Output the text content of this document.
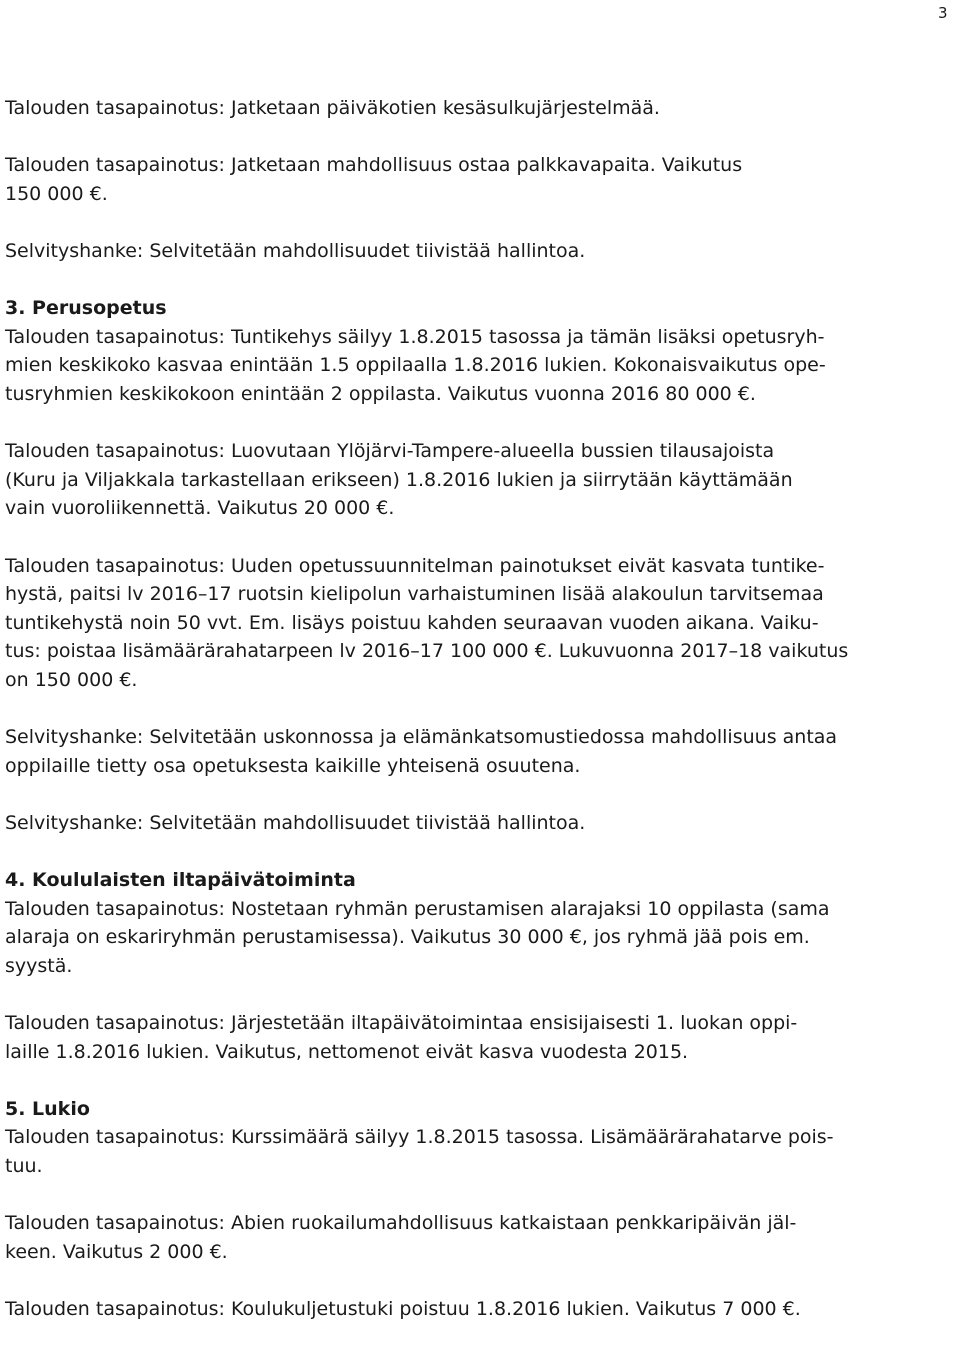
3
Talouden tasapainotus: Jatketaan päiväkotien kesäsulkujärjestelmää.
Talouden tasapainotus: Jatketaan mahdollisuus ostaa palkkavapaita. Vaikutus
150 000 €.
Selvityshanke: Selvitetään mahdollisuudet tiivistää hallintoa.
3. Perusopetus
Talouden tasapainotus: Tuntikehys säilyy 1.8.2015 tasossa ja tämän lisäksi opetusryh-
mien keskikoko kasvaa enintään 1.5 oppilaalla 1.8.2016 lukien. Kokonaisvaikutus ope-
tusryhmien keskikokoon enintään 2 oppilasta. Vaikutus vuonna 2016 80 000 €.
Talouden tasapainotus: Luovutaan Ylöjärvi-Tampere-alueella bussien tilausajoista
(Kuru ja Viljakkala tarkastellaan erikseen) 1.8.2016 lukien ja siirrytään käyttämään
vain vuoroliikennettä. Vaikutus 20 000 €.
Talouden tasapainotus: Uuden opetussuunnitelman painotukset eivät kasvata tuntike-
hystä, paitsi lv 2016–17 ruotsin kielipolun varhaistuminen lisää alakoulun tarvitsemaa
tuntikehystä noin 50 vvt. Em. lisäys poistuu kahden seuraavan vuoden aikana. Vaiku-
tus: poistaa lisämäärärahatarpeen lv 2016–17 100 000 €. Lukuvuonna 2017–18 vaikutus
on 150 000 €.
Selvityshanke: Selvitetään uskonnossa ja elämänkatsomustiedossa mahdollisuus antaa
oppilaille tietty osa opetuksesta kaikille yhteisenä osuutena.
Selvityshanke: Selvitetään mahdollisuudet tiivistää hallintoa.
4. Koululaisten iltapäivätoiminta
Talouden tasapainotus: Nostetaan ryhmän perustamisen alarajaksi 10 oppilasta (sama
alaraja on eskariryhmän perustamisessa). Vaikutus 30 000 €, jos ryhmä jää pois em.
syystä.
Talouden tasapainotus: Järjestetään iltapäivätoimintaa ensisijaisesti 1. luokan oppi-
laille 1.8.2016 lukien. Vaikutus, nettomenot eivät kasva vuodesta 2015.
5. Lukio
Talouden tasapainotus: Kurssimäärä säilyy 1.8.2015 tasossa. Lisämäärärahatarve pois-
tuu.
Talouden tasapainotus: Abien ruokailumahdollisuus katkaistaan penkkaripäivän jäl-
keen. Vaikutus 2 000 €.
Talouden tasapainotus: Koulukuljetustuki poistuu 1.8.2016 lukien. Vaikutus 7 000 €.
